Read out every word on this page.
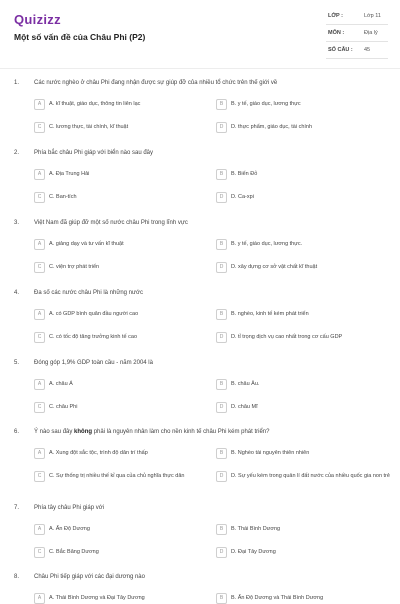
Quizizz
Một số vấn đề của Châu Phi (P2)
LỚP :	Lớp 11
MÔN :	Địa lý
SỐ CÂU : 45
1. Các nước nghèo ở châu Phi đang nhận được sự giúp đỡ của nhiều tổ chức trên thế giới về
A	A. kĩ thuật, giáo dục, thông tin liên lạc	B	B. y tế, giáo dục, lương thực
C	C. lương thực, tài chính, kĩ thuật	D	D. thực phẩm, giáo dục, tài chính
2. Phía bắc châu Phi giáp với biển nào sau đây
A	A. Địa Trung Hải	B	B. Biển Đỏ
C	C. Ban-tích	D	D. Ca-xpi
3. Việt Nam đã giúp đỡ một số nước châu Phi trong lĩnh vực
A	A. giảng dạy và tư vấn kĩ thuật	B	B. y tế, giáo dục, lương thực.
C	C. viện trợ phát triển	D	D. xây dựng cơ sở vật chất kĩ thuật
4. Đa số các nước châu Phi là những nước
A	A. có GDP bình quân đầu người cao	B	B. nghèo, kinh tế kém phát triển
C	C. có tốc độ tăng trưởng kinh tế cao	D	D. tỉ trọng dịch vụ cao nhất trong cơ cấu GDP
5. Đóng góp 1,9% GDP toàn cầu - năm 2004 là
A	A. châu Á	B	B. châu Âu.
C	C. châu Phi	D	D. châu Mĩ
6. Ý nào sau đây không phải là nguyên nhân làm cho nền kinh tế châu Phi kém phát triển?
A	A. Xung đột sắc tộc, trình độ dân trí thấp	B	B. Nghèo tài nguyên thiên nhiên
C	C. Sự thống trị nhiều thế kỉ qua của chủ nghĩa thực dân	D	D. Sự yếu kém trong quản lí đất nước của nhiều quốc gia non trẻ
7. Phía tây châu Phi giáp với
A	A. Ấn Độ Dương	B	B. Thái Bình Dương
C	C. Bắc Băng Dương	D	D. Đại Tây Dương
8. Châu Phi tiếp giáp với các đại dương nào
A	A. Thái Bình Dương và Đại Tây Dương	B	B. Ấn Độ Dương và Thái Bình Dương
